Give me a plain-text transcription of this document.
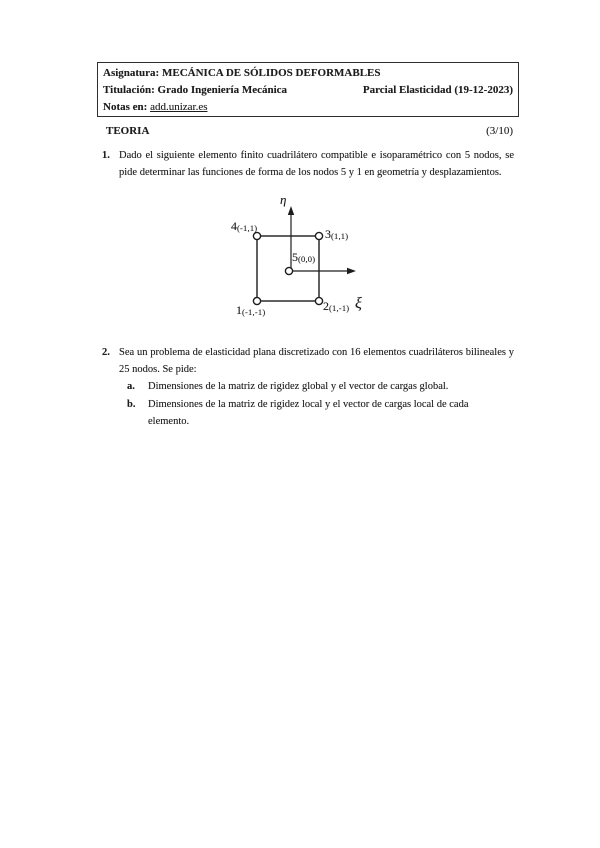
Asignatura: MECÁNICA DE SÓLIDOS DEFORMABLES
Titulación: Grado Ingeniería Mecánica	Parcial Elasticidad (19-12-2023)
Notas en: add.unizar.es
TEORIA	(3/10)
1. Dado el siguiente elemento finito cuadrilátero compatible e isoparamétrico con 5 nodos, se pide determinar las funciones de forma de los nodos 5 y 1 en geometría y desplazamientos.
η
ξ
4(-1,1)	3(1,1)
5(0,0)
1(-1,-1)	2(1,-1)
2. Sea un problema de elasticidad plana discretizado con 16 elementos cuadriláteros bilineales y 25 nodos. Se pide:
a.	Dimensiones de la matriz de rigidez global y el vector de cargas global.
b.	Dimensiones de la matriz de rigidez local y el vector de cargas local de cada elemento.
